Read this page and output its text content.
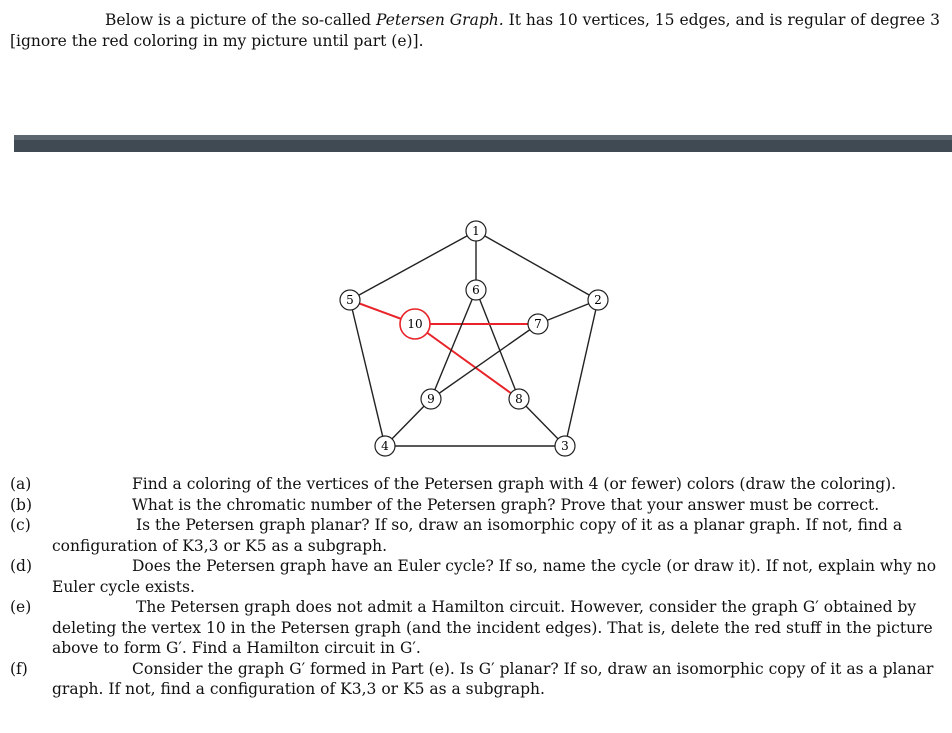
Below is a picture of the so-called Petersen Graph. It has 10 vertices, 15 edges, and is regular of degree 3
[ignore the red coloring in my picture until part (e)].
1
2
3
4
5
6
7
8
9
10
(a)	Find a coloring of the vertices of the Petersen graph with 4 (or fewer) colors (draw the coloring).
(b)	What is the chromatic number of the Petersen graph? Prove that your answer must be correct.
(c)	Is the Petersen graph planar? If so, draw an isomorphic copy of it as a planar graph. If not, find a
configuration of K3,3 or K5 as a subgraph.
(d)	Does the Petersen graph have an Euler cycle? If so, name the cycle (or draw it). If not, explain why no
Euler cycle exists.
(e)	The Petersen graph does not admit a Hamilton circuit. However, consider the graph G′ obtained by
deleting the vertex 10 in the Petersen graph (and the incident edges). That is, delete the red stuff in the picture
above to form G′. Find a Hamilton circuit in G′.
(f)	Consider the graph G′ formed in Part (e). Is G′ planar? If so, draw an isomorphic copy of it as a planar
graph. If not, find a configuration of K3,3 or K5 as a subgraph.
